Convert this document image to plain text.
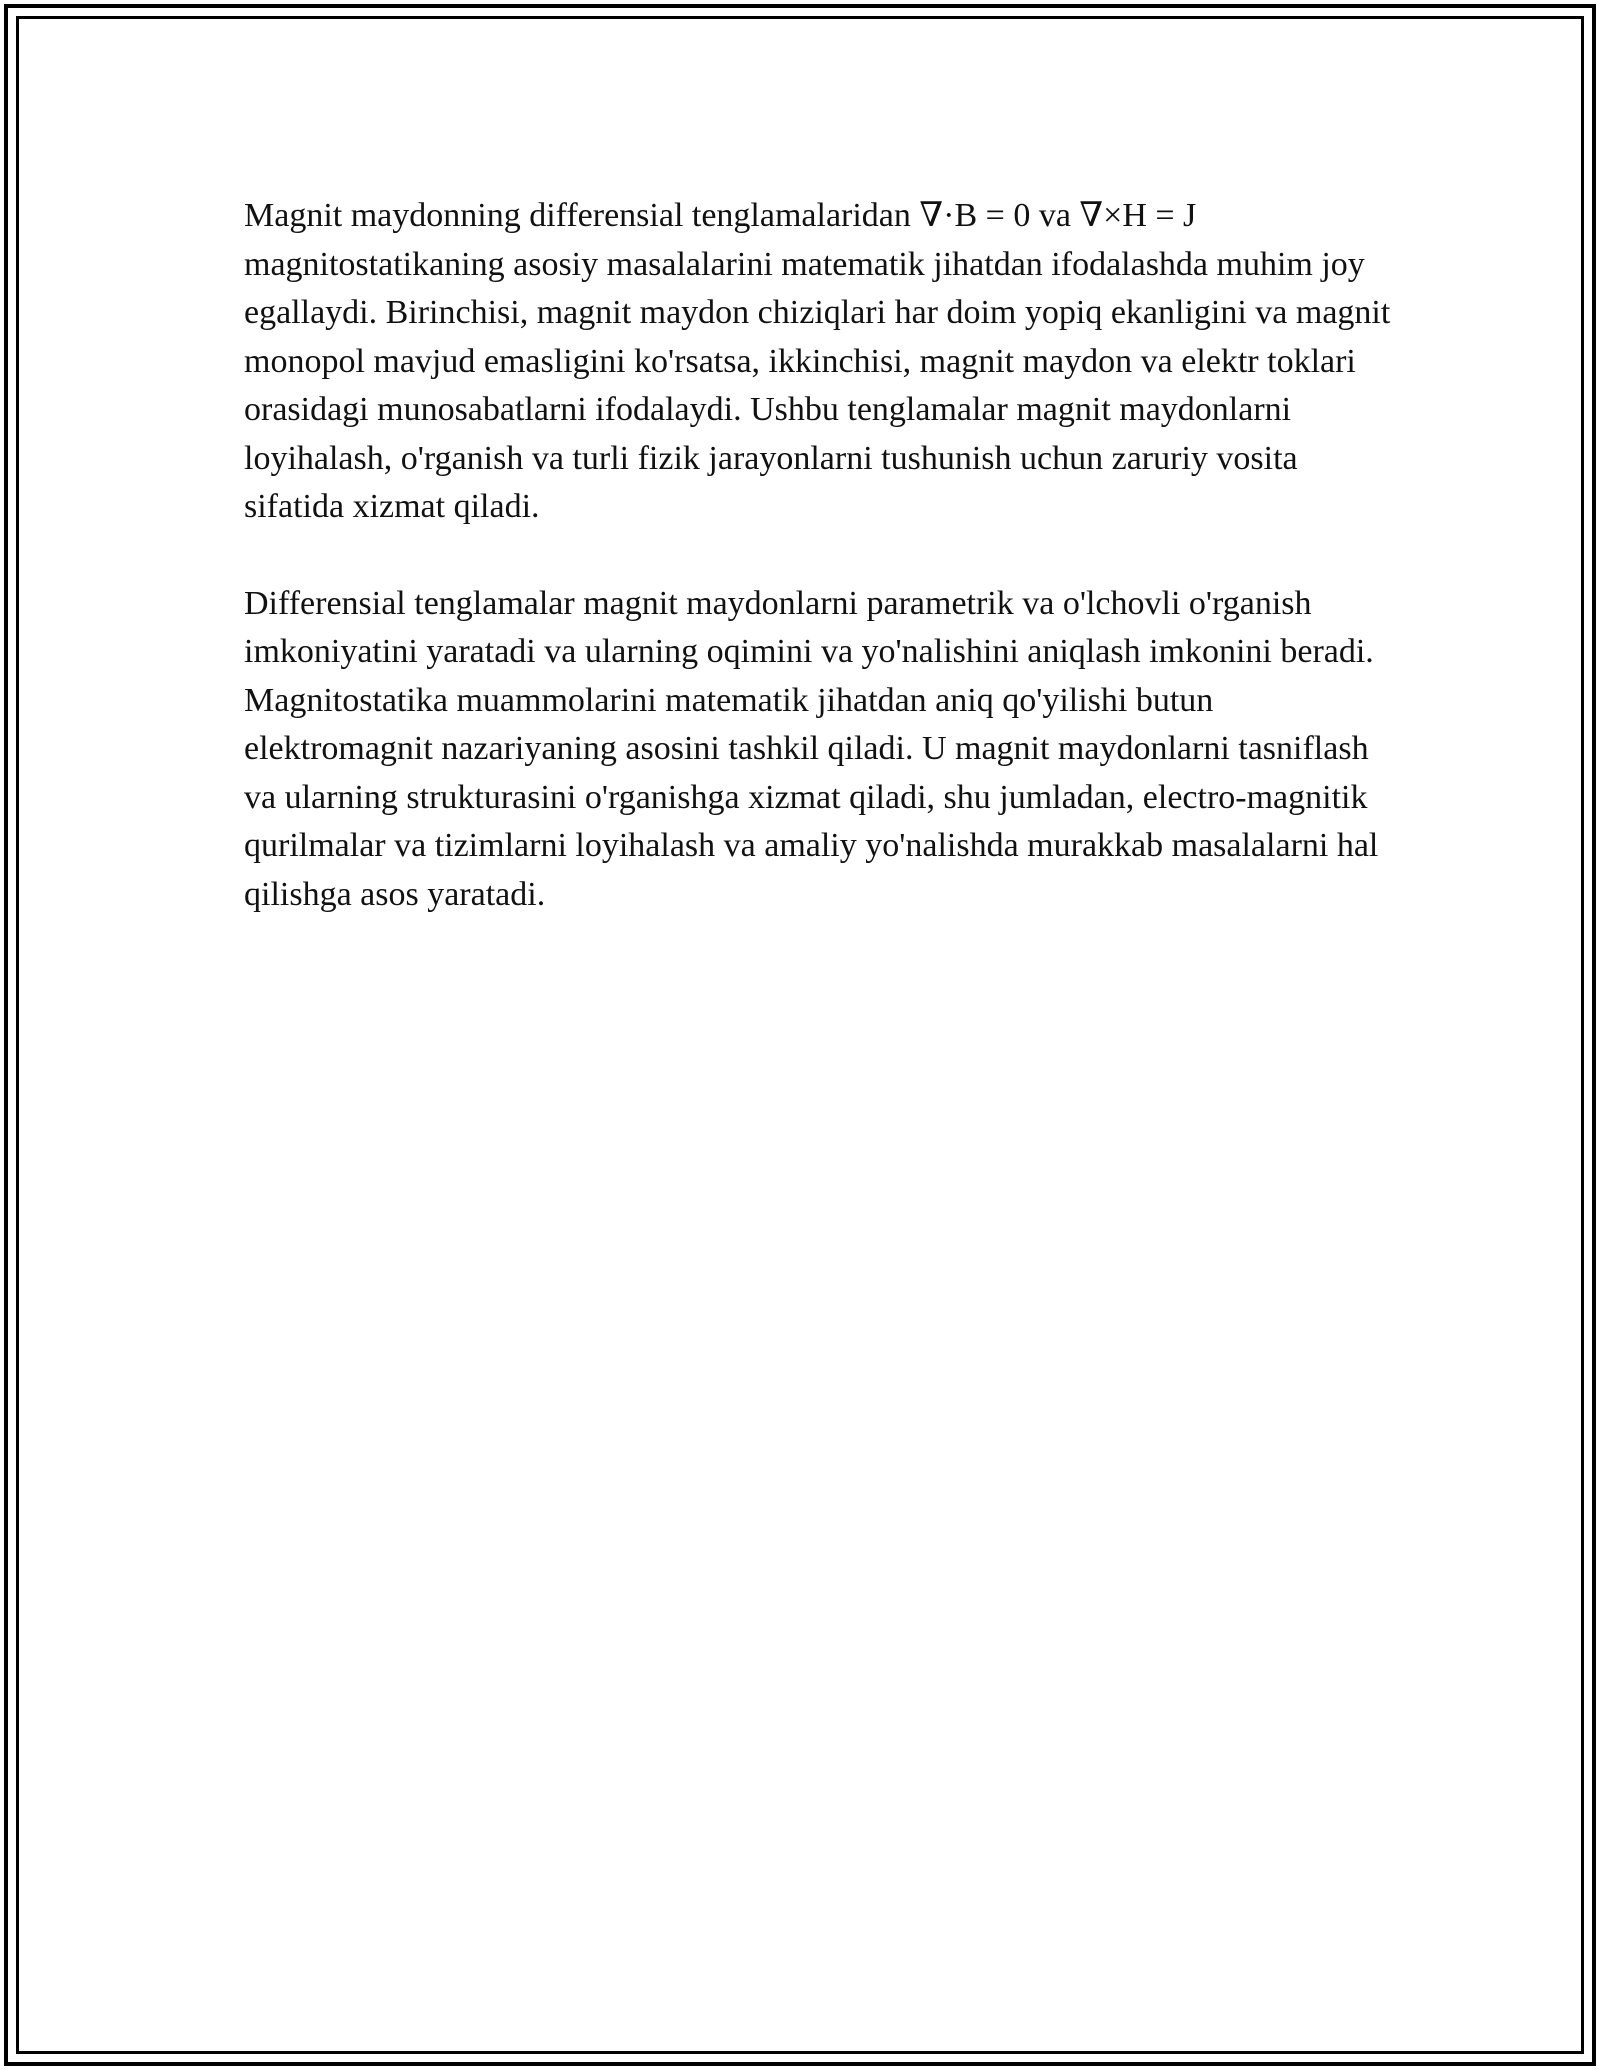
Magnit maydonning differensial tenglamalaridan ∇·B = 0 va ∇×H = J magnitostatikaning asosiy masalalarini matematik jihatdan ifodalashda muhim joy egallaydi. Birinchisi, magnit maydon chiziqlari har doim yopiq ekanligini va magnit monopol mavjud emasligini ko'rsatsa, ikkinchisi, magnit maydon va elektr toklari orasidagi munosabatlarni ifodalaydi. Ushbu tenglamalar magnit maydonlarni loyihalash, o'rganish va turli fizik jarayonlarni tushunish uchun zaruriy vosita sifatida xizmat qiladi.

Differensial tenglamalar magnit maydonlarni parametrik va o'lchovli o'rganish imkoniyatini yaratadi va ularning oqimini va yo'nalishini aniqlash imkonini beradi. Magnitostatika muammolarini matematik jihatdan aniq qo'yilishi butun elektromagnit nazariyaning asosini tashkil qiladi. U magnit maydonlarni tasniflash va ularning strukturasini o'rganishga xizmat qiladi, shu jumladan, electro-magnitik qurilmalar va tizimlarni loyihalash va amaliy yo'nalishda murakkab masalalarni hal qilishga asos yaratadi.
